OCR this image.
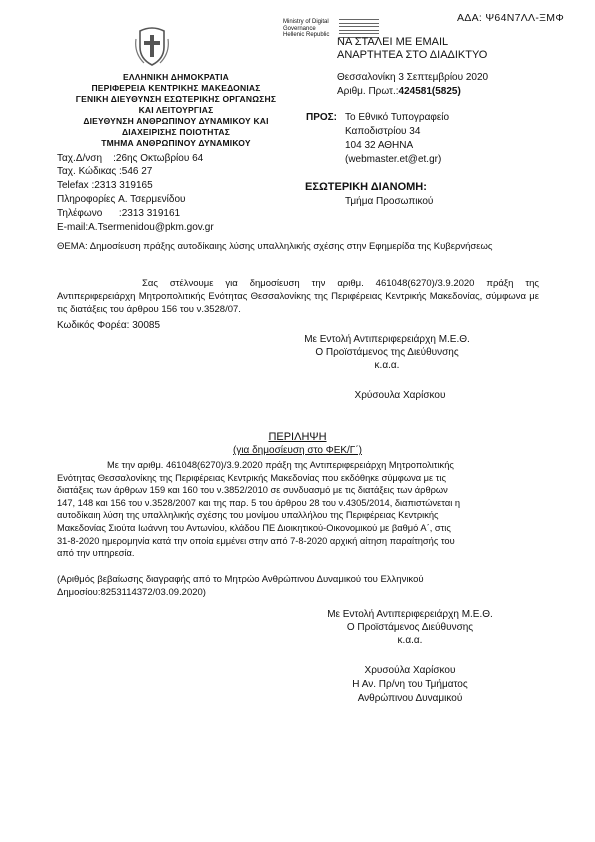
ΑΔΑ: Ψ64Ν7ΛΛ-ΞΜΦ
Ministry of Digital
Governance
Hellenic Republic
ΝΑ ΣΤΑΛΕΙ ΜΕ EMAIL
ΑΝΑΡΤΗΤΕΑ ΣΤΟ ΔΙΑΔΙΚΤΥΟ
ΕΛΛΗΝΙΚΗ ΔΗΜΟΚΡΑΤΙΑ
ΠΕΡΙΦΕΡΕΙΑ ΚΕΝΤΡΙΚΗΣ ΜΑΚΕΔΟΝΙΑΣ
ΓΕΝΙΚΗ ΔΙΕΥΘΥΝΣΗ ΕΣΩΤΕΡΙΚΗΣ ΟΡΓΑΝΩΣΗΣ
ΚΑΙ ΛΕΙΤΟΥΡΓΙΑΣ
ΔΙΕΥΘΥΝΣΗ ΑΝΘΡΩΠΙΝΟΥ ΔΥΝΑΜΙΚΟΥ ΚΑΙ
ΔΙΑΧΕΙΡΙΣΗΣ ΠΟΙΟΤΗΤΑΣ
ΤΜΗΜΑ ΑΝΘΡΩΠΙΝΟΥ ΔΥΝΑΜΙΚΟΥ
Ταχ.Δ/νση :26ης Οκτωβρίου 64
Ταχ. Κώδικας :546 27
Telefax :2313 319165
Πληροφορίες Α. Τσερμενίδου
Τηλέφωνο :2313 319161
E-mail:A.Tsermenidou@pkm.gov.gr
Θεσσαλονίκη 3 Σεπτεμβρίου 2020
Αριθμ. Πρωτ.:424581(5825)
ΠΡΟΣ: Το Εθνικό Τυπογραφείο
Καποδιστρίου 34
104 32 ΑΘΗΝΑ
(webmaster.et@et.gr)
ΕΣΩΤΕΡΙΚΗ ΔΙΑΝΟΜΗ:
Τμήμα Προσωπικού
ΘΕΜΑ: Δημοσίευση πράξης αυτοδίκαιης λύσης υπαλληλικής σχέσης στην Εφημερίδα της Κυβερνήσεως
Σας στέλνουμε για δημοσίευση την αριθμ. 461048(6270)/3.9.2020 πράξη της Αντιπεριφερειάρχη Μητροπολιτικής Ενότητας Θεσσαλονίκης της Περιφέρειας Κεντρικής Μακεδονίας, σύμφωνα με τις διατάξεις του άρθρου 156 του ν.3528/07.
Κωδικός Φορέα: 30085
Με Εντολή Αντιπεριφερειάρχη Μ.Ε.Θ.
Ο Προϊστάμενος της Διεύθυνσης
κ.α.α.
Χρύσουλα Χαρίσκου
ΠΕΡΙΛΗΨΗ
(για δημοσίευση στο ΦΕΚ/Γ΄)
Με την αριθμ. 461048(6270)/3.9.2020 πράξη της Αντιπεριφερειάρχη Μητροπολιτικής
Ενότητας Θεσσαλονίκης της Περιφέρειας Κεντρικής Μακεδονίας που εκδόθηκε σύμφωνα με τις
διατάξεις των άρθρων 159 και 160 του ν.3852/2010 σε συνδυασμό με τις διατάξεις των άρθρων
147, 148 και 156 του ν.3528/2007 και της παρ. 5 του άρθρου 28 του ν.4305/2014, διαπιστώνεται η
αυτοδίκαιη λύση της υπαλληλικής σχέσης του μονίμου υπαλλήλου της Περιφέρειας Κεντρικής
Μακεδονίας Σιούτα Ιωάννη του Αντωνίου, κλάδου ΠΕ Διοικητικού-Οικονομικού με βαθμό Α΄, στις
31-8-2020 ημερομηνία κατά την οποία εμμένει στην από 7-8-2020 αρχική αίτηση παραίτησής του
από την υπηρεσία.
(Αριθμός βεβαίωσης διαγραφής από το Μητρώο Ανθρώπινου Δυναμικού του Ελληνικού
Δημοσίου:8253114372/03.09.2020)
Με Εντολή Αντιπεριφερειάρχη Μ.Ε.Θ.
Ο Προϊστάμενος Διεύθυνσης
κ.α.α.
Χρυσούλα Χαρίσκου
Η Αν. Πρ/νη του Τμήματος
Ανθρώπινου Δυναμικού
